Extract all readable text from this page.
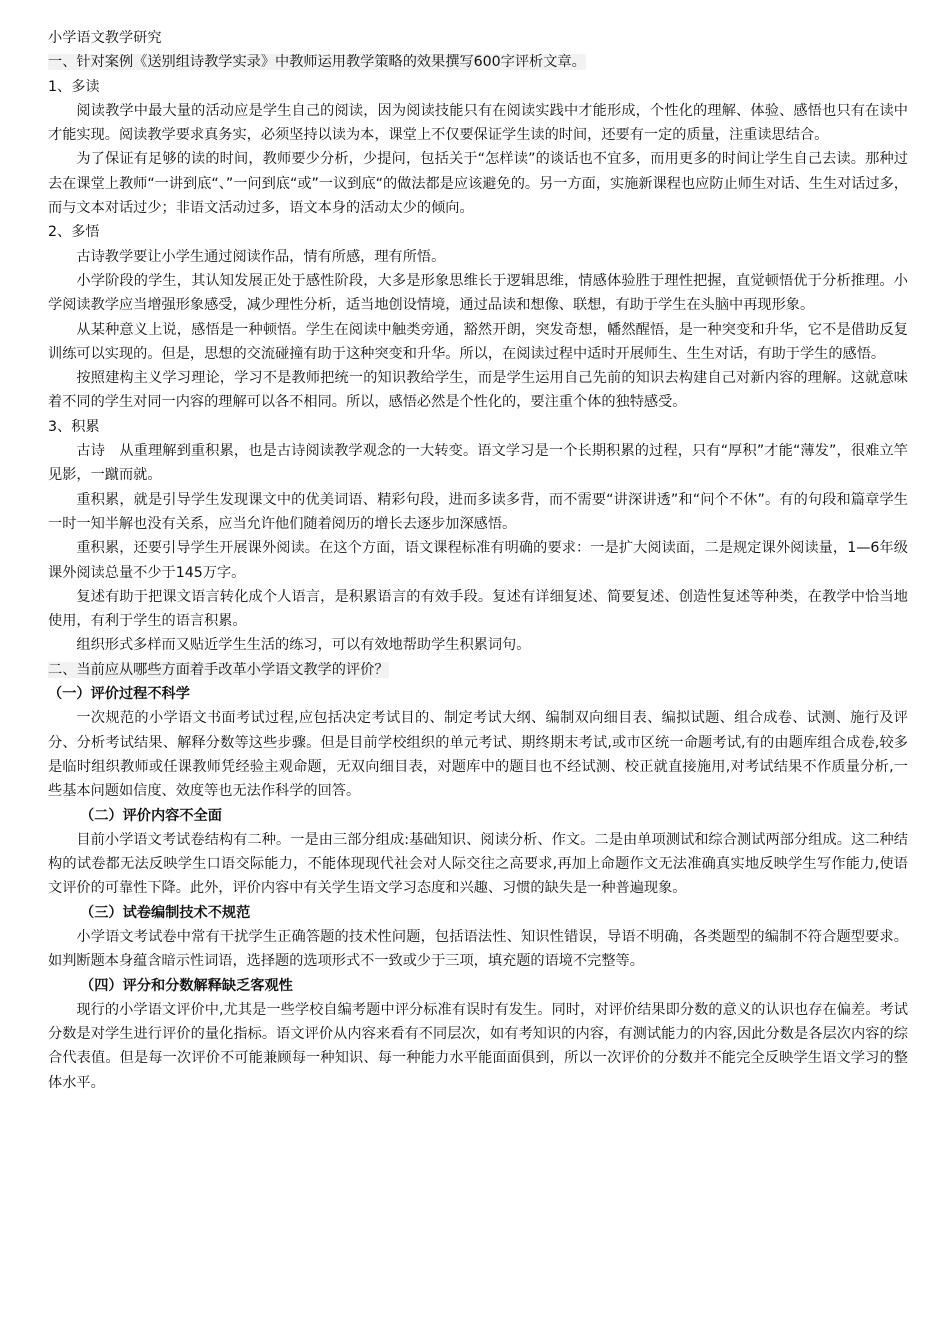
小学语文教学研究

一、针对案例《送别组诗教学实录》中教师运用教学策略的效果撰写600字评析文章。

1、多读

阅读教学中最大量的活动应是学生自己的阅读，因为阅读技能只有在阅读实践中才能形成，个性化的理解、体验、感悟也只有在读中才能实现。阅读教学要求真务实，必须坚持以读为本，课堂上不仅要保证学生读的时间，还要有一定的质量，注重读思结合。

为了保证有足够的读的时间，教师要少分析，少提问，包括关于“怎样读”的谈话也不宜多，而用更多的时间让学生自己去读。那种过去在课堂上教师“一讲到底“、”一问到底“或”一议到底“的做法都是应该避免的。另一方面，实施新课程也应防止师生对话、生生对话过多，而与文本对话过少；非语文活动过多，语文本身的活动太少的倾向。

2、多悟

古诗教学要让小学生通过阅读作品，情有所感，理有所悟。

小学阶段的学生，其认知发展正处于感性阶段，大多是形象思维长于逻辑思维，情感体验胜于理性把握，直觉顿悟优于分析推理。小学阅读教学应当增强形象感受，减少理性分析，适当地创设情境，通过品读和想像、联想，有助于学生在头脑中再现形象。

从某种意义上说，感悟是一种顿悟。学生在阅读中触类旁通，豁然开朗，突发奇想，幡然醒悟，是一种突变和升华，它不是借助反复训练可以实现的。但是，思想的交流碰撞有助于这种突变和升华。所以，在阅读过程中适时开展师生、生生对话，有助于学生的感悟。

按照建构主义学习理论，学习不是教师把统一的知识教给学生，而是学生运用自己先前的知识去构建自己对新内容的理解。这就意味着不同的学生对同一内容的理解可以各不相同。所以，感悟必然是个性化的，要注重个体的独特感受。

3、积累

古诗　从重理解到重积累，也是古诗阅读教学观念的一大转变。语文学习是一个长期积累的过程，只有“厚积”才能“薄发”，很难立竿见影，一蹴而就。

重积累，就是引导学生发现课文中的优美词语、精彩句段，进而多读多背，而不需要“讲深讲透”和“问个不休”。有的句段和篇章学生一时一知半解也没有关系，应当允许他们随着阅历的增长去逐步加深感悟。

重积累，还要引导学生开展课外阅读。在这个方面，语文课程标准有明确的要求：一是扩大阅读面，二是规定课外阅读量，1—6年级课外阅读总量不少于145万字。

复述有助于把课文语言转化成个人语言，是积累语言的有效手段。复述有详细复述、简要复述、创造性复述等种类，在教学中恰当地使用，有利于学生的语言积累。

组织形式多样而又贴近学生生活的练习，可以有效地帮助学生积累词句。

二、当前应从哪些方面着手改革小学语文教学的评价？

（一）评价过程不科学

一次规范的小学语文书面考试过程,应包括决定考试目的、制定考试大纲、编制双向细目表、编拟试题、组合成卷、试测、施行及评分、分析考试结果、解释分数等这些步骤。但是目前学校组织的单元考试、期终期末考试,或市区统一命题考试,有的由题库组合成卷,较多是临时组织教师或任课教师凭经验主观命题，无双向细目表，对题库中的题目也不经试测、校正就直接施用,对考试结果不作质量分析,一些基本问题如信度、效度等也无法作科学的回答。

（二）评价内容不全面

目前小学语文考试卷结构有二种。一是由三部分组成:基础知识、阅读分析、作文。二是由单项测试和综合测试两部分组成。这二种结构的试卷都无法反映学生口语交际能力，不能体现现代社会对人际交往之高要求,再加上命题作文无法准确真实地反映学生写作能力,使语文评价的可靠性下降。此外，评价内容中有关学生语文学习态度和兴趣、习惯的缺失是一种普遍现象。

（三）试卷编制技术不规范

小学语文考试卷中常有干扰学生正确答题的技术性问题，包括语法性、知识性错误，导语不明确，各类题型的编制不符合题型要求。如判断题本身蕴含暗示性词语，选择题的选项形式不一致或少于三项，填充题的语境不完整等。

（四）评分和分数解释缺乏客观性

现行的小学语文评价中,尤其是一些学校自编考题中评分标准有误时有发生。同时，对评价结果即分数的意义的认识也存在偏差。考试分数是对学生进行评价的量化指标。语文评价从内容来看有不同层次，如有考知识的内容，有测试能力的内容,因此分数是各层次内容的综合代表值。但是每一次评价不可能兼顾每一种知识、每一种能力水平能面面俱到，所以一次评价的分数并不能完全反映学生语文学习的整体水平。
